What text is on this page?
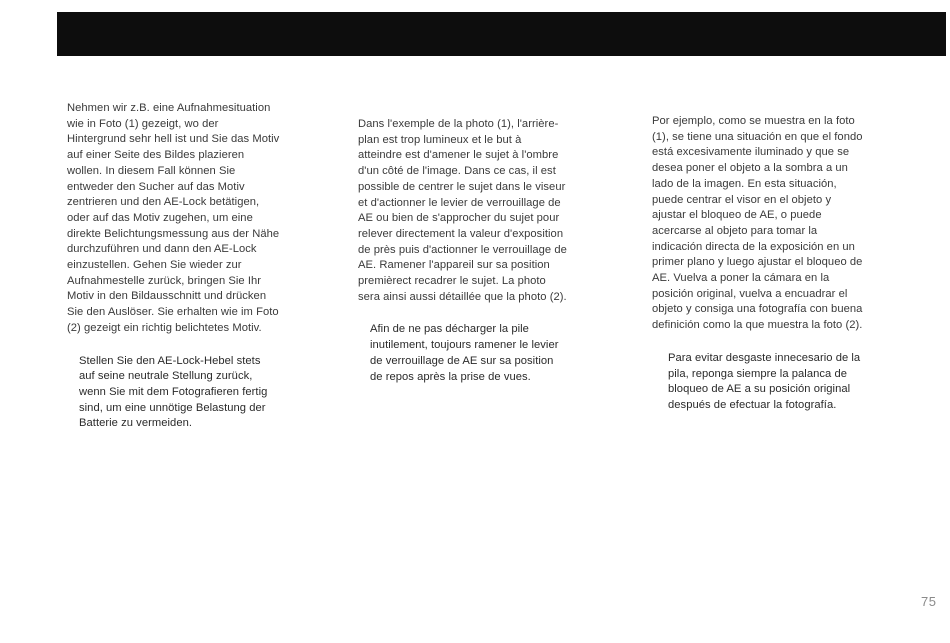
Nehmen wir z.B. eine Aufnahmesituation
wie in Foto (1) gezeigt, wo der
Hintergrund sehr hell ist und Sie das Motiv
auf einer Seite des Bildes plazieren
wollen. In diesem Fall können Sie
entweder den Sucher auf das Motiv
zentrieren und den AE-Lock betätigen,
oder auf das Motiv zugehen, um eine
direkte Belichtungsmessung aus der Nähe
durchzuführen und dann den AE-Lock
einzustellen. Gehen Sie wieder zur
Aufnahmestelle zurück, bringen Sie Ihr
Motiv in den Bildausschnitt und drücken
Sie den Auslöser. Sie erhalten wie im Foto
(2) gezeigt ein richtig belichtetes Motiv.

Stellen Sie den AE-Lock-Hebel stets
auf seine neutrale Stellung zurück,
wenn Sie mit dem Fotografieren fertig
sind, um eine unnötige Belastung der
Batterie zu vermeiden.

Dans l'exemple de la photo (1), l'arrière-
plan est trop lumineux et le but à
atteindre est d'amener le sujet à l'ombre
d'un côté de l'image. Dans ce cas, il est
possible de centrer le sujet dans le viseur
et d'actionner le levier de verrouillage de
AE ou bien de s'approcher du sujet pour
relever directement la valeur d'exposition
de près puis d'actionner le verrouillage de
AE. Ramener l'appareil sur sa position
premièrect recadrer le sujet. La photo
sera ainsi aussi détaillée que la photo (2).

Afin de ne pas décharger la pile
inutilement, toujours ramener le levier
de verrouillage de AE sur sa position
de repos après la prise de vues.

Por ejemplo, como se muestra en la foto
(1), se tiene una situación en que el fondo
está excesivamente iluminado y que se
desea poner el objeto a la sombra a un
lado de la imagen. En esta situación,
puede centrar el visor en el objeto y
ajustar el bloqueo de AE, o puede
acercarse al objeto para tomar la
indicación directa de la exposición en un
primer plano y luego ajustar el bloqueo de
AE. Vuelva a poner la cámara en la
posición original, vuelva a encuadrar el
objeto y consiga una fotografía con buena
definición como la que muestra la foto (2).

Para evitar desgaste innecesario de la
pila, reponga siempre la palanca de
bloqueo de AE a su posición original
después de efectuar la fotografía.

75
